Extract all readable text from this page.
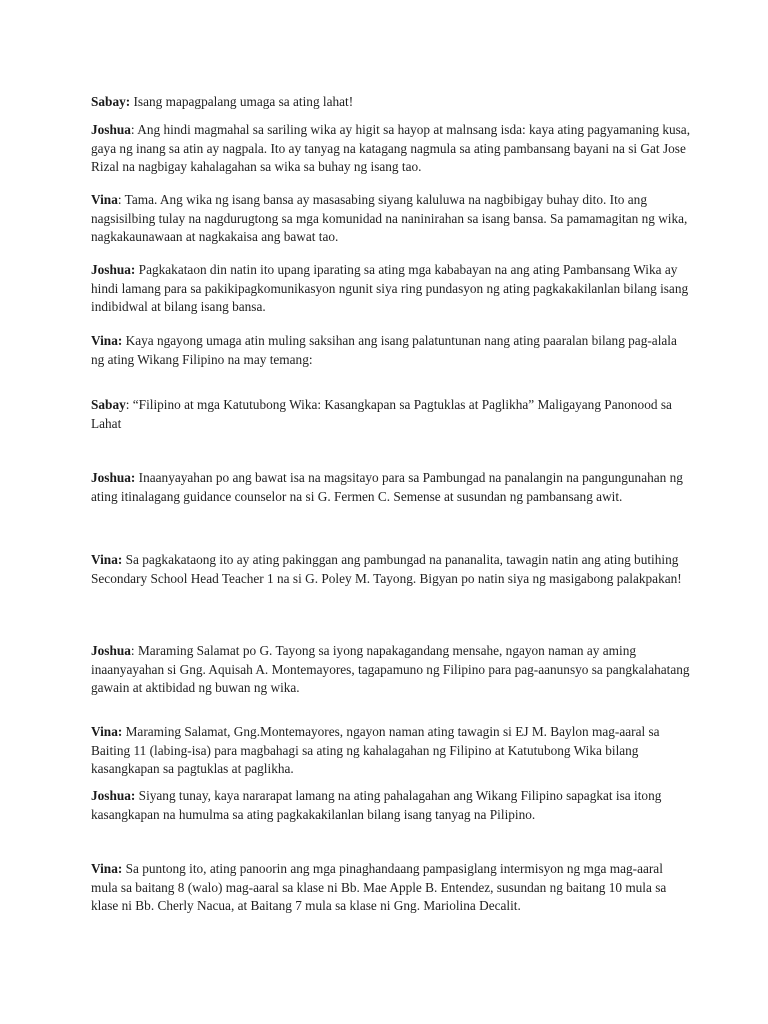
Sabay: Isang mapagpalang umaga sa ating lahat!

Joshua: Ang hindi magmahal sa sariling wika ay higit sa hayop at malnsang isda: kaya ating pagyamaning kusa, gaya ng inang sa atin ay nagpala. Ito ay tanyag na katagang nagmula sa ating pambansang bayani na si Gat Jose Rizal na nagbigay kahalagahan sa wika sa buhay ng isang tao.

Vina: Tama. Ang wika ng isang bansa ay masasabing siyang kaluluwa na nagbibigay buhay dito. Ito ang nagsisilbing tulay na nagdurugtong sa mga komunidad na naninirahan sa isang bansa. Sa pamamagitan ng wika, nagkakaunawaan at nagkakaisa ang bawat tao.

Joshua: Pagkakataon din natin ito upang iparating sa ating mga kababayan na ang ating Pambansang Wika ay hindi lamang para sa pakikipagkomunikasyon ngunit siya ring pundasyon ng ating pagkakakilanlan bilang isang indibidwal at bilang isang bansa.

Vina: Kaya ngayong umaga atin muling saksihan ang isang palatuntunan nang ating paaralan bilang pag-alala ng ating Wikang Filipino na may temang:

Sabay: “Filipino at mga Katutubong Wika: Kasangkapan sa Pagtuklas at Paglikha” Maligayang Panonood sa Lahat

Joshua: Inaanyayahan po ang bawat isa na magsitayo para sa Pambungad na panalangin na pangungunahan ng ating itinalagang guidance counselor na si G. Fermen C. Semense at susundan ng pambansang awit.

Vina: Sa pagkakataong ito ay ating pakinggan ang pambungad na pananalita, tawagin natin ang ating butihing Secondary School Head Teacher 1 na si G. Poley M. Tayong. Bigyan po natin siya ng masigabong palakpakan!

Joshua: Maraming Salamat po G. Tayong sa iyong napakagandang mensahe, ngayon naman ay aming inaanyayahan si Gng. Aquisah A. Montemayores, tagapamuno ng Filipino para pag-aanunsyo sa pangkalahatang gawain at aktibidad ng buwan ng wika.

Vina: Maraming Salamat, Gng.Montemayores, ngayon naman ating tawagin si EJ M. Baylon mag-aaral sa Baiting 11 (labing-isa) para magbahagi sa ating ng kahalagahan ng Filipino at Katutubong Wika bilang kasangkapan sa pagtuklas at paglikha.

Joshua: Siyang tunay, kaya nararapat lamang na ating pahalagahan ang Wikang Filipino sapagkat isa itong kasangkapan na humulma sa ating pagkakakilanlan bilang isang tanyag na Pilipino.

Vina: Sa puntong ito, ating panoorin ang mga pinaghandaang pampasiglang intermisyon ng mga mag-aaral mula sa baitang 8 (walo) mag-aaral sa klase ni Bb. Mae Apple B. Entendez, susundan ng baitang 10 mula sa klase ni Bb. Cherly Nacua, at Baitang 7 mula sa klase ni Gng. Mariolina Decalit.
